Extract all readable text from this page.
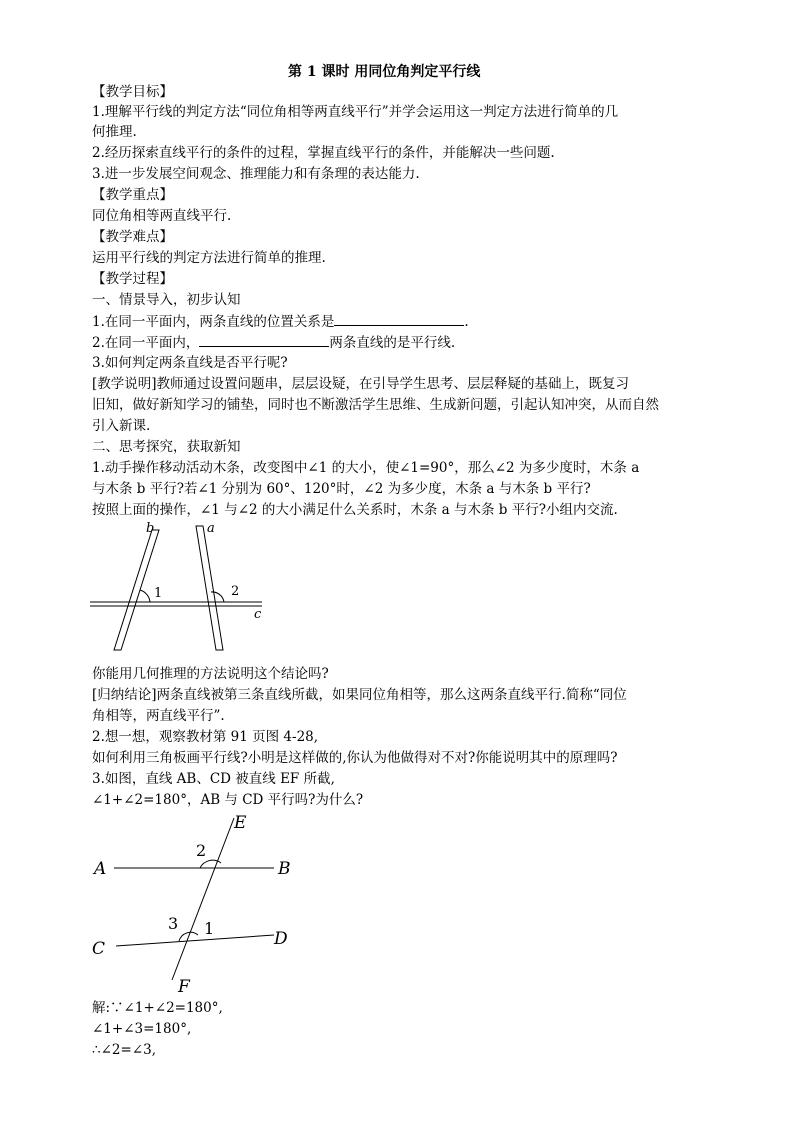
第 1 课时 用同位角判定平行线
【教学目标】
1.理解平行线的判定方法“同位角相等两直线平行”并学会运用这一判定方法进行简单的几
何推理.
2.经历探索直线平行的条件的过程，掌握直线平行的条件，并能解决一些问题.
3.进一步发展空间观念、推理能力和有条理的表达能力.
【教学重点】
同位角相等两直线平行.
【教学难点】
运用平行线的判定方法进行简单的推理.
【教学过程】
一、情景导入，初步认知
1.在同一平面内，两条直线的位置关系是	.
2.在同一平面内，	两条直线的是平行线.
3.如何判定两条直线是否平行呢?
[教学说明]教师通过设置问题串，层层设疑，在引导学生思考、层层释疑的基础上，既复习
旧知，做好新知学习的铺垫，同时也不断激活学生思维、生成新问题，引起认知冲突，从而自然
引入新课.
二、思考探究，获取新知
1.动手操作移动活动木条，改变图中∠1 的大小，使∠1=90°，那么∠2 为多少度时，木条 a
与木条 b 平行?若∠1 分别为 60°、120°时，∠2 为多少度，木条 a 与木条 b 平行?
按照上面的操作，∠1 与∠2 的大小满足什么关系时，木条 a 与木条 b 平行?小组内交流.
b	a
c
1	2
你能用几何推理的方法说明这个结论吗?
[归纳结论]两条直线被第三条直线所截，如果同位角相等，那么这两条直线平行.简称“同位
角相等，两直线平行”.
2.想一想，观察教材第 91 页图 4-28,
如何利用三角板画平行线?小明是这样做的,你认为他做得对不对?你能说明其中的原理吗?
3.如图，直线 AB、CD 被直线 EF 所截,
∠1+∠2=180°，AB 与 CD 平行吗?为什么?
E
A	B
C	D
F
2
3 1
解:∵∠1+∠2=180°,
∠1+∠3=180°,
∴∠2=∠3,
